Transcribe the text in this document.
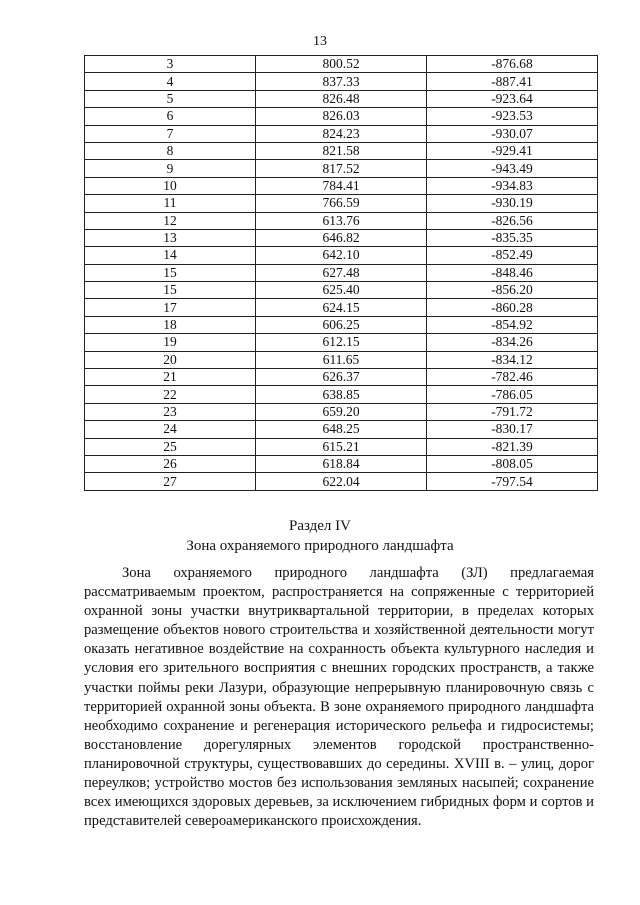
13
3	800.52	-876.68
4	837.33	-887.41
5	826.48	-923.64
6	826.03	-923.53
7	824.23	-930.07
8	821.58	-929.41
9	817.52	-943.49
10	784.41	-934.83
11	766.59	-930.19
12	613.76	-826.56
13	646.82	-835.35
14	642.10	-852.49
15	627.48	-848.46
15	625.40	-856.20
17	624.15	-860.28
18	606.25	-854.92
19	612.15	-834.26
20	611.65	-834.12
21	626.37	-782.46
22	638.85	-786.05
23	659.20	-791.72
24	648.25	-830.17
25	615.21	-821.39
26	618.84	-808.05
27	622.04	-797.54
Раздел IV
Зона охраняемого природного ландшафта

Зона охраняемого природного ландшафта (ЗЛ) предлагаемая рассматриваемым проектом, распространяется на сопряженные с территорией охранной зоны участки внутриквартальной территории, в пределах которых размещение объектов нового строительства и хозяйственной деятельности могут оказать негативное воздействие на сохранность объекта культурного наследия и условия его зрительного восприятия с внешних городских пространств, а также участки поймы реки Лазури, образующие непрерывную планировочную связь с территорией охранной зоны объекта. В зоне охраняемого природного ландшафта необходимо сохранение и регенерация исторического рельефа и гидросистемы; восстановление дорегулярных элементов городской пространственно-планировочной структуры, существовавших до середины. XVIII в. – улиц, дорог переулков; устройство мостов без использования земляных насыпей; сохранение всех имеющихся здоровых деревьев, за исключением гибридных форм и сортов и представителей североамериканского происхождения.
